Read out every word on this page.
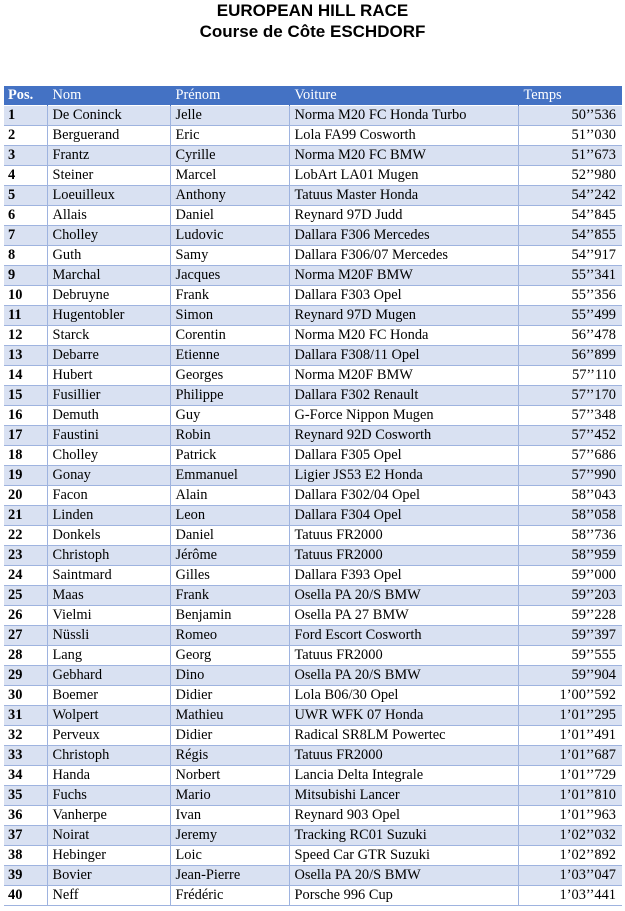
EUROPEAN HILL RACE
Course de Côte ESCHDORF
Pos.	Nom	Prénom	Voiture	Temps
1	De Coninck	Jelle	Norma M20 FC Honda Turbo	50’’536
2	Berguerand	Eric	Lola FA99 Cosworth	51’’030
3	Frantz	Cyrille	Norma M20 FC BMW	51’’673
4	Steiner	Marcel	LobArt LA01 Mugen	52’’980
5	Loeuilleux	Anthony	Tatuus Master Honda	54’’242
6	Allais	Daniel	Reynard 97D Judd	54’’845
7	Cholley	Ludovic	Dallara F306 Mercedes	54’’855
8	Guth	Samy	Dallara F306/07 Mercedes	54’’917
9	Marchal	Jacques	Norma M20F BMW	55’’341
10	Debruyne	Frank	Dallara F303 Opel	55’’356
11	Hugentobler	Simon	Reynard 97D Mugen	55’’499
12	Starck	Corentin	Norma M20 FC Honda	56’’478
13	Debarre	Etienne	Dallara F308/11 Opel	56’’899
14	Hubert	Georges	Norma M20F BMW	57’’110
15	Fusillier	Philippe	Dallara F302 Renault	57’’170
16	Demuth	Guy	G-Force Nippon Mugen	57’’348
17	Faustini	Robin	Reynard 92D Cosworth	57’’452
18	Cholley	Patrick	Dallara F305 Opel	57’’686
19	Gonay	Emmanuel	Ligier JS53 E2 Honda	57’’990
20	Facon	Alain	Dallara F302/04 Opel	58’’043
21	Linden	Leon	Dallara F304 Opel	58’’058
22	Donkels	Daniel	Tatuus FR2000	58’’736
23	Christoph	Jérôme	Tatuus FR2000	58’’959
24	Saintmard	Gilles	Dallara F393 Opel	59’’000
25	Maas	Frank	Osella PA 20/S BMW	59’’203
26	Vielmi	Benjamin	Osella PA 27 BMW	59’’228
27	Nüssli	Romeo	Ford Escort Cosworth	59’’397
28	Lang	Georg	Tatuus FR2000	59’’555
29	Gebhard	Dino	Osella PA 20/S BMW	59’’904
30	Boemer	Didier	Lola B06/30 Opel	1’00’’592
31	Wolpert	Mathieu	UWR WFK 07 Honda	1’01’’295
32	Perveux	Didier	Radical SR8LM Powertec	1’01’’491
33	Christoph	Régis	Tatuus FR2000	1’01’’687
34	Handa	Norbert	Lancia Delta Integrale	1’01’’729
35	Fuchs	Mario	Mitsubishi Lancer	1’01’’810
36	Vanherpe	Ivan	Reynard 903 Opel	1’01’’963
37	Noirat	Jeremy	Tracking RC01 Suzuki	1’02’’032
38	Hebinger	Loic	Speed Car GTR Suzuki	1’02’’892
39	Bovier	Jean-Pierre	Osella PA 20/S BMW	1’03’’047
40	Neff	Frédéric	Porsche 996 Cup	1’03’’441
